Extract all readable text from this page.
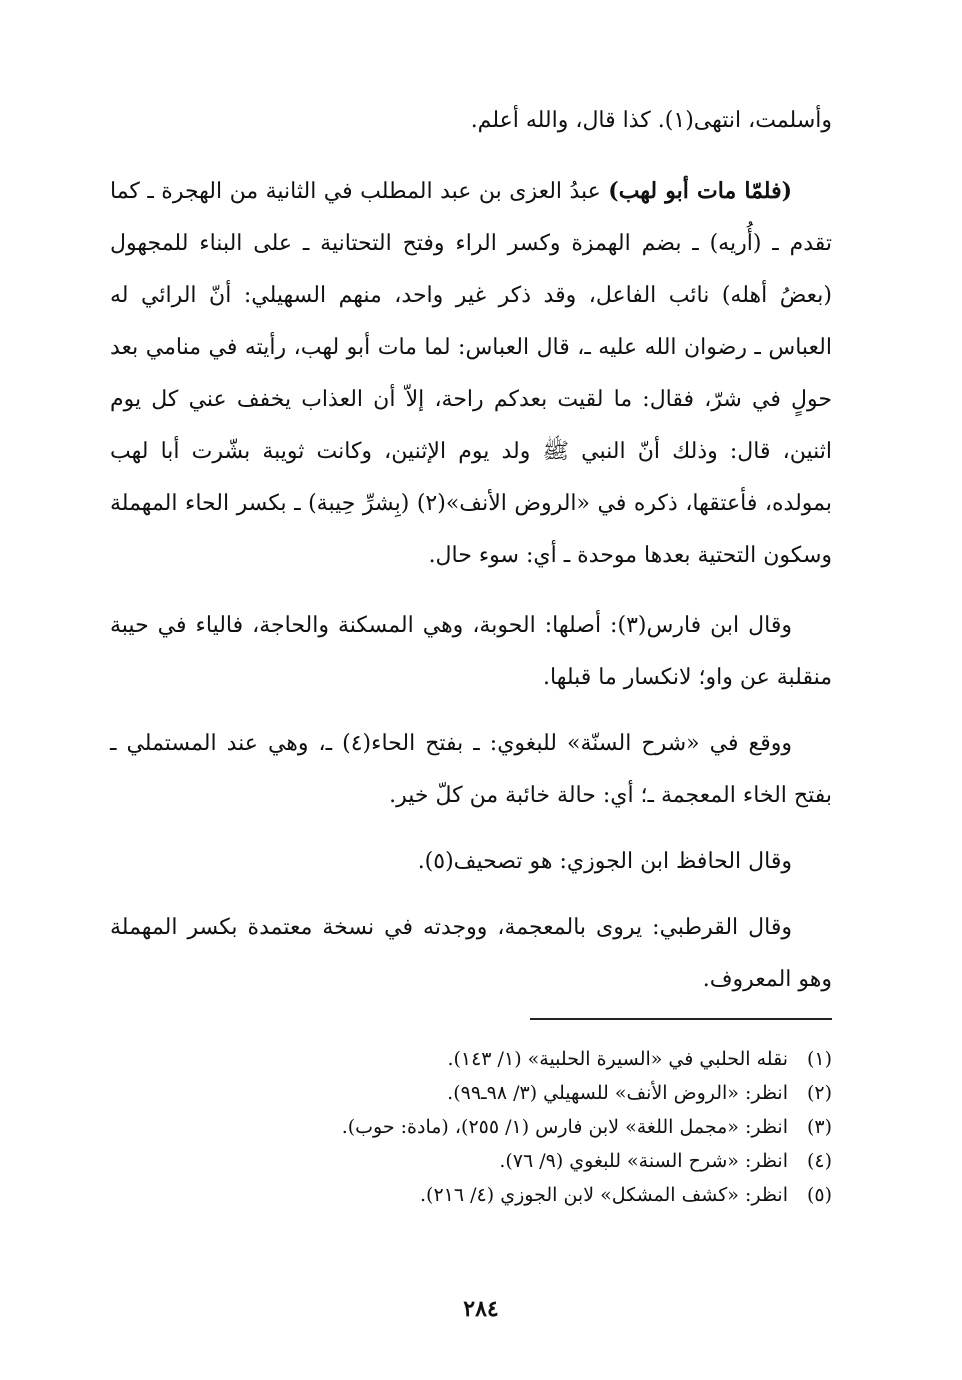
وأسلمت، انتهى(١). كذا قال، والله أعلم.

(فلمّا مات أبو لهب) عبدُ العزى بن عبد المطلب في الثانية من الهجرة ـ كما تقدم ـ (أُريه) ـ بضم الهمزة وكسر الراء وفتح التحتانية ـ على البناء للمجهول (بعضُ أهله) نائب الفاعل، وقد ذكر غير واحد، منهم السهيلي: أنّ الرائي له العباس ـ رضوان الله عليه ـ، قال العباس: لما مات أبو لهب، رأيته في منامي بعد حولٍ في شرّ، فقال: ما لقيت بعدكم راحة، إلاّ أن العذاب يخفف عني كل يوم اثنين، قال: وذلك أنّ النبي ﷺ ولد يوم الإثنين، وكانت ثويبة بشّرت أبا لهب بمولده، فأعتقها، ذكره في «الروض الأنف»(٢) (بِشرِّ حِيبة) ـ بكسر الحاء المهملة وسكون التحتية بعدها موحدة ـ أي: سوء حال.

وقال ابن فارس(٣): أصلها: الحوبة، وهي المسكنة والحاجة، فالياء في حيبة منقلبة عن واو؛ لانكسار ما قبلها.

ووقع في «شرح السنّة» للبغوي: ـ بفتح الحاء(٤) ـ، وهي عند المستملي ـ بفتح الخاء المعجمة ـ؛ أي: حالة خائبة من كلّ خير.

وقال الحافظ ابن الجوزي: هو تصحيف(٥).

وقال القرطبي: يروى بالمعجمة، ووجدته في نسخة معتمدة بكسر المهملة وهو المعروف.

(١)
نقله الحلبي في «السيرة الحلبية» (١/ ١٤٣).
(٢)
انظر: «الروض الأنف» للسهيلي (٣/ ٩٨ـ٩٩).
(٣)
انظر: «مجمل اللغة» لابن فارس (١/ ٢٥٥)، (مادة: حوب).
(٤)
انظر: «شرح السنة» للبغوي (٩/ ٧٦).
(٥)
انظر: «كشف المشكل» لابن الجوزي (٤/ ٢١٦).
٢٨٤
